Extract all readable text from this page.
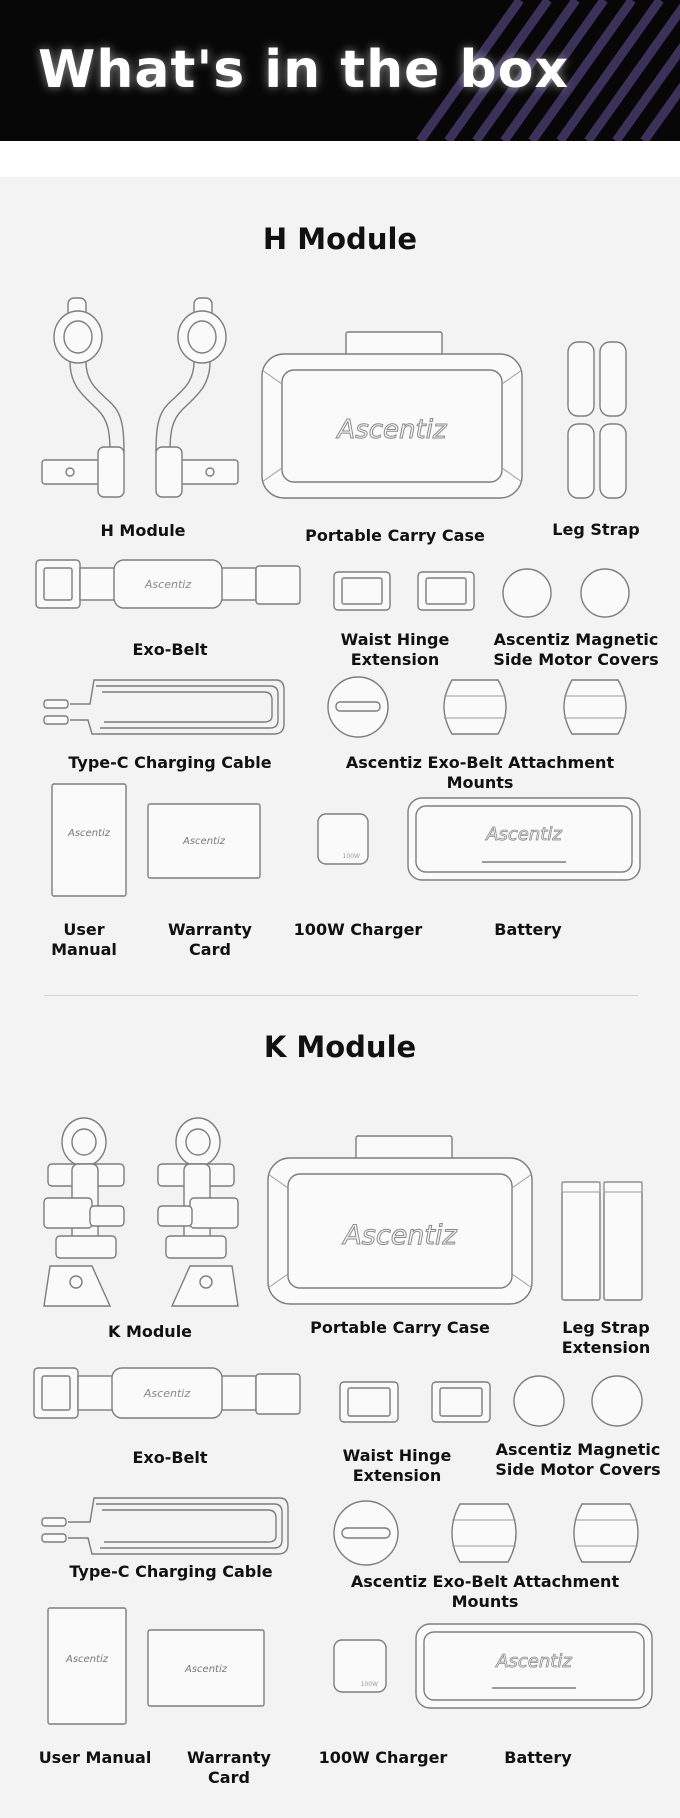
What's in the box
H Module
H Module
Ascentiz
Portable Carry Case	Leg Strap
Ascentiz
Exo-Belt
Waist Hinge
Extension
Ascentiz Magnetic
Side Motor Covers
Type-C Charging Cable	Ascentiz Exo-Belt Attachment Mounts
Ascentiz
User Manual
Ascentiz
Warranty Card
100W
100W Charger
Ascentiz
Battery
K Module
K Module
Ascentiz
Portable Carry Case	Leg Strap
Extension
Ascentiz
Exo-Belt	Waist Hinge Extension
Ascentiz Magnetic
Side Motor Covers
Type-C Charging Cable
Ascentiz Exo-Belt Attachment Mounts
Ascentiz
User Manual
Ascentiz
Warranty Card
100W
100W Charger
Ascentiz
Battery
